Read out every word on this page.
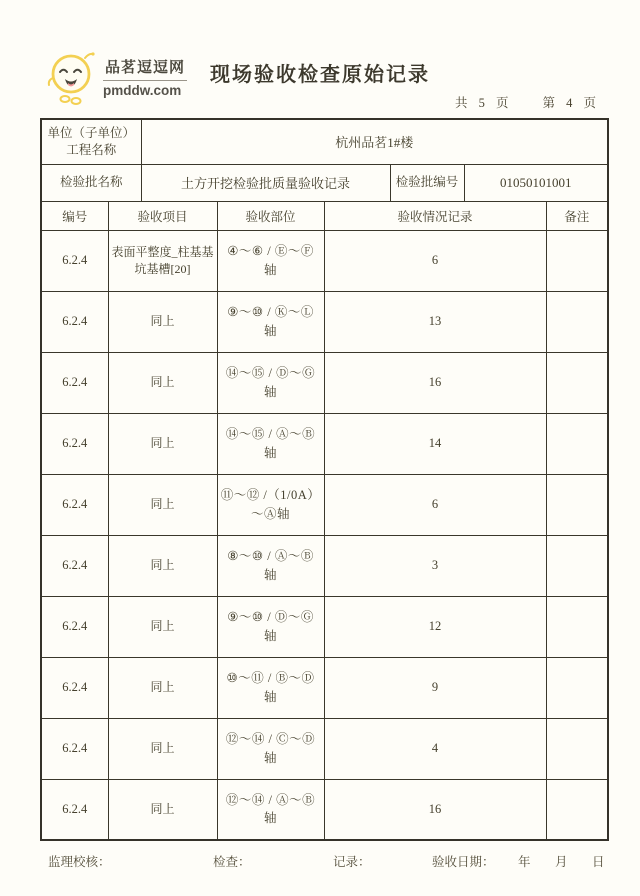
品茗逗逗网
pmddw.com
现场验收检查原始记录
共 5 页 第 4 页
单位（子单位）
工程名称		杭州品茗1#楼					
检验批名称		土方开挖检验批质量验收记录			检验批编号	01050101001	
编号	验收项目		验收部位	验收情况记录			备注
6.2.4	表面平整度_柱基基坑基槽[20]		④～⑥ / Ⓔ～Ⓕ
轴	6			
6.2.4	同上		⑨～⑩ / Ⓚ～Ⓛ
轴	13			
6.2.4	同上		⑭～⑮ / Ⓓ～Ⓖ
轴	16			
6.2.4	同上		⑭～⑮ / Ⓐ～Ⓑ
轴	14			
6.2.4	同上		⑪～⑫ /（1/0A）
～Ⓐ轴	6			
6.2.4	同上		⑧～⑩ / Ⓐ～Ⓑ
轴	3			
6.2.4	同上		⑨～⑩ / Ⓓ～Ⓖ
轴	12			
6.2.4	同上		⑩～⑪ / Ⓑ～Ⓓ
轴	9			
6.2.4	同上		⑫～⑭ / Ⓒ～Ⓓ
轴	4			
6.2.4	同上		⑫～⑭ / Ⓐ～Ⓑ
轴	16			
监理校核：	检查：	记录：	验收日期： 年　月　日
